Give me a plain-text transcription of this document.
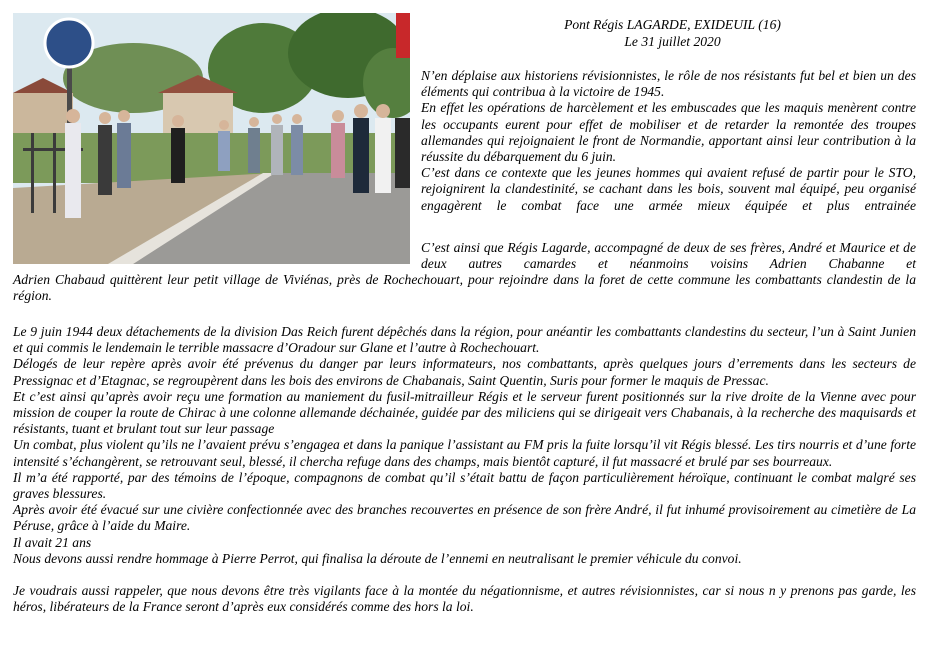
Pont Régis LAGARDE, EXIDEUIL (16)
Le 31 juillet 2020

N’en déplaise aux historiens révisionnistes, le rôle de nos résistants fut bel et bien un des éléments qui contribua à la victoire de 1945.

En effet les opérations de harcèlement et les embuscades que les maquis menèrent contre les occupants eurent pour effet de mobiliser et de retarder la remontée des troupes allemandes qui rejoignaient le front de Normandie, apportant ainsi leur contribution à la réussite du débarquement du 6 juin.

C’est dans ce contexte que les jeunes hommes qui avaient refusé de partir pour le STO, rejoignirent la clandestinité, se cachant dans les bois, souvent mal équipé, peu organisé engagèrent le combat face une armée mieux équipée et plus entrainée

C’est ainsi que Régis Lagarde, accompagné de deux de ses frères, André et Maurice et de deux autres camardes et néanmoins voisins Adrien Chabanne et

Adrien Chabaud quittèrent leur petit village de Viviénas, près de Rochechouart, pour rejoindre dans la foret de cette commune les combattants clandestin de la région.

Le 9 juin 1944 deux détachements de la division Das Reich furent dépêchés dans la région, pour anéantir les combattants clandestins du secteur, l’un à Saint Junien et qui commis le lendemain le terrible massacre d’Oradour sur Glane et l’autre à Rochechouart.

Délogés de leur repère après avoir été prévenus du danger par leurs informateurs, nos combattants, après quelques jours d’errements dans les secteurs de Pressignac et d’Etagnac, se regroupèrent dans les bois des environs de Chabanais, Saint Quentin, Suris pour former le maquis de Pressac.

Et c’est ainsi qu’après avoir reçu une formation au maniement du fusil-mitrailleur Régis et le serveur furent positionnés sur la rive droite de la Vienne avec pour mission de couper la route de Chirac à une colonne allemande déchainée, guidée par des miliciens qui se dirigeait vers Chabanais, à la recherche des maquisards et résistants, tuant et brulant tout sur leur passage

Un combat, plus violent qu’ils ne l’avaient prévu s’engagea et dans la panique l’assistant au FM pris la fuite lorsqu’il vit Régis blessé. Les tirs nourris et d’une forte intensité s’échangèrent, se retrouvant seul, blessé, il chercha refuge dans des champs, mais bientôt capturé, il fut massacré et brulé par ses bourreaux.

Il m’a été rapporté, par des témoins de l’époque, compagnons de combat qu’il s’était battu de façon particulièrement héroïque, continuant le combat malgré ses graves blessures.

Après avoir été évacué sur une civière confectionnée avec des branches recouvertes en présence de son frère André, il fut inhumé provisoirement au cimetière de La Péruse, grâce à l’aide du Maire.

Il avait 21 ans

Nous devons aussi rendre hommage à Pierre Perrot, qui finalisa la déroute de l’ennemi en neutralisant le premier véhicule du convoi.

Je voudrais aussi rappeler, que nous devons être très vigilants face à la montée du négationnisme, et autres révisionnistes, car si nous n y prenons pas garde, les héros, libérateurs de la France seront d’après eux considérés comme des hors la loi.
